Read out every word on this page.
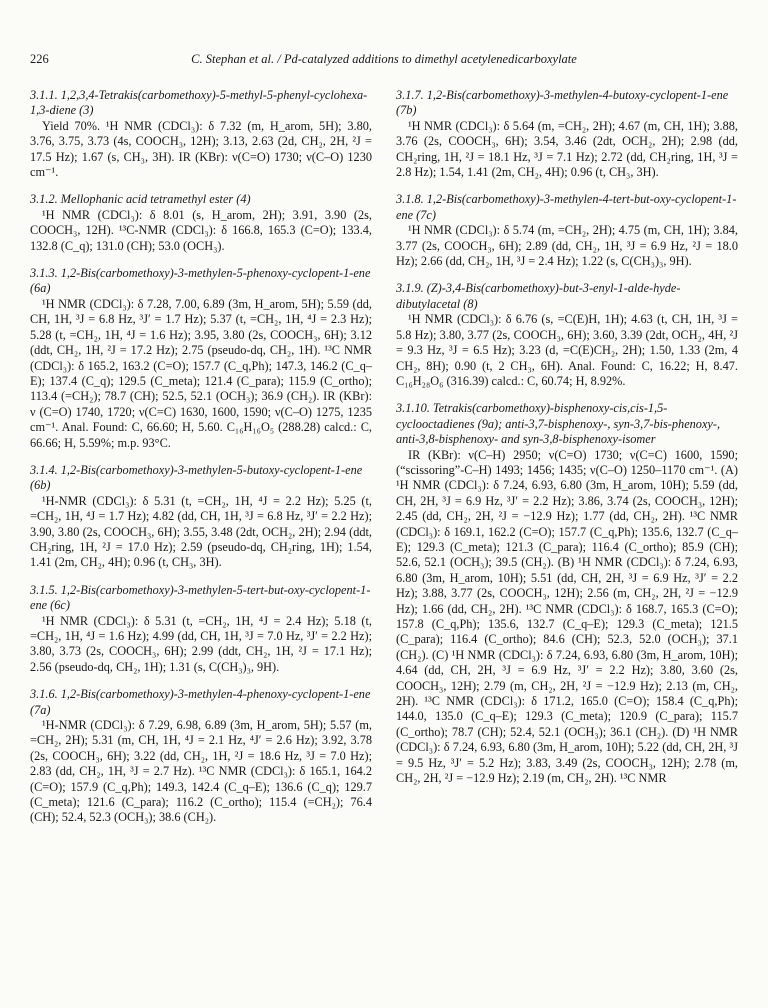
226	C. Stephan et al. / Pd-catalyzed additions to dimethyl acetylenedicarboxylate
3.1.1. 1,2,3,4-Tetrakis(carbomethoxy)-5-methyl-5-phenyl-cyclohexa-1,3-diene (3)

Yield 70%. ¹H NMR (CDCl₃): δ 7.32 (m, H_arom, 5H); 3.80, 3.76, 3.75, 3.73 (4s, COOCH₃, 12H); 3.13, 2.63 (2d, CH₂, 2H, ²J = 17.5 Hz); 1.67 (s, CH₃, 3H). IR (KBr): ν(C=O) 1730; ν(C–O) 1230 cm⁻¹.

3.1.2. Mellophanic acid tetramethyl ester (4)

¹H NMR (CDCl₃): δ 8.01 (s, H_arom, 2H); 3.91, 3.90 (2s, COOCH₃, 12H). ¹³C-NMR (CDCl₃): δ 166.8, 165.3 (C=O); 133.4, 132.8 (C_q); 131.0 (CH); 53.0 (OCH₃).

3.1.3. 1,2-Bis(carbomethoxy)-3-methylen-5-phenoxy-cyclopent-1-ene (6a)

¹H NMR (CDCl₃): δ 7.28, 7.00, 6.89 (3m, H_arom, 5H); 5.59 (dd, CH, 1H, ³J = 6.8 Hz, ³J′ = 1.7 Hz); 5.37 (t, =CH₂, 1H, ⁴J = 2.3 Hz); 5.28 (t, =CH₂, 1H, ⁴J = 1.6 Hz); 3.95, 3.80 (2s, COOCH₃, 6H); 3.12 (ddt, CH₂, 1H, ²J = 17.2 Hz); 2.75 (pseudo-dq, CH₂, 1H). ¹³C NMR (CDCl₃): δ 165.2, 163.2 (C=O); 157.7 (C_q,Ph); 147.3, 146.2 (C_q–E); 137.4 (C_q); 129.5 (C_meta); 121.4 (C_para); 115.9 (C_ortho); 113.4 (=CH₂); 78.7 (CH); 52.5, 52.1 (OCH₃); 36.9 (CH₂). IR (KBr): ν (C=O) 1740, 1720; ν(C=C) 1630, 1600, 1590; ν(C–O) 1275, 1235 cm⁻¹. Anal. Found: C, 66.60; H, 5.60. C₁₆H₁₆O₅ (288.28) calcd.: C, 66.66; H, 5.59%; m.p. 93°C.

3.1.4. 1,2-Bis(carbomethoxy)-3-methylen-5-butoxy-cyclopent-1-ene (6b)

¹H-NMR (CDCl₃): δ 5.31 (t, =CH₂, 1H, ⁴J = 2.2 Hz); 5.25 (t, =CH₂, 1H, ⁴J = 1.7 Hz); 4.82 (dd, CH, 1H, ³J = 6.8 Hz, ³J′ = 2.2 Hz); 3.90, 3.80 (2s, COOCH₃, 6H); 3.55, 3.48 (2dt, OCH₂, 2H); 2.94 (ddt, CH₂ring, 1H, ²J = 17.0 Hz); 2.59 (pseudo-dq, CH₂ring, 1H); 1.54, 1.41 (2m, CH₂, 4H); 0.96 (t, CH₃, 3H).

3.1.5. 1,2-Bis(carbomethoxy)-3-methylen-5-tert-but-oxy-cyclopent-1-ene (6c)

¹H NMR (CDCl₃): δ 5.31 (t, =CH₂, 1H, ⁴J = 2.4 Hz); 5.18 (t, =CH₂, 1H, ⁴J = 1.6 Hz); 4.99 (dd, CH, 1H, ³J = 7.0 Hz, ³J′ = 2.2 Hz); 3.80, 3.73 (2s, COOCH₃, 6H); 2.99 (ddt, CH₂, 1H, ²J = 17.1 Hz); 2.56 (pseudo-dq, CH₂, 1H); 1.31 (s, C(CH₃)₃, 9H).

3.1.6. 1,2-Bis(carbomethoxy)-3-methylen-4-phenoxy-cyclopent-1-ene (7a)

¹H-NMR (CDCl₃): δ 7.29, 6.98, 6.89 (3m, H_arom, 5H); 5.57 (m, =CH₂, 2H); 5.31 (m, CH, 1H, ⁴J = 2.1 Hz, ⁴J′ = 2.6 Hz); 3.92, 3.78 (2s, COOCH₃, 6H); 3.22 (dd, CH₂, 1H, ²J = 18.6 Hz, ³J = 7.0 Hz); 2.83 (dd, CH₂, 1H, ³J = 2.7 Hz). ¹³C NMR (CDCl₃): δ 165.1, 164.2 (C=O); 157.9 (C_q,Ph); 149.3, 142.4 (C_q–E); 136.6 (C_q); 129.7 (C_meta); 121.6 (C_para); 116.2 (C_ortho); 115.4 (=CH₂); 76.4 (CH); 52.4, 52.3 (OCH₃); 38.6 (CH₂).

3.1.7. 1,2-Bis(carbomethoxy)-3-methylen-4-butoxy-cyclopent-1-ene (7b)

¹H NMR (CDCl₃): δ 5.64 (m, =CH₂, 2H); 4.67 (m, CH, 1H); 3.88, 3.76 (2s, COOCH₃, 6H); 3.54, 3.46 (2dt, OCH₂, 2H); 2.98 (dd, CH₂ring, 1H, ²J = 18.1 Hz, ³J = 7.1 Hz); 2.72 (dd, CH₂ring, 1H, ³J = 2.8 Hz); 1.54, 1.41 (2m, CH₂, 4H); 0.96 (t, CH₃, 3H).

3.1.8. 1,2-Bis(carbomethoxy)-3-methylen-4-tert-but-oxy-cyclopent-1-ene (7c)

¹H NMR (CDCl₃): δ 5.74 (m, =CH₂, 2H); 4.75 (m, CH, 1H); 3.84, 3.77 (2s, COOCH₃, 6H); 2.89 (dd, CH₂, 1H, ³J = 6.9 Hz, ²J = 18.0 Hz); 2.66 (dd, CH₂, 1H, ³J = 2.4 Hz); 1.22 (s, C(CH₃)₃, 9H).

3.1.9. (Z)-3,4-Bis(carbomethoxy)-but-3-enyl-1-alde-hyde-dibutylacetal (8)

¹H NMR (CDCl₃): δ 6.76 (s, =C(E)H, 1H); 4.63 (t, CH, 1H, ³J = 5.8 Hz); 3.80, 3.77 (2s, COOCH₃, 6H); 3.60, 3.39 (2dt, OCH₂, 4H, ²J = 9.3 Hz, ³J = 6.5 Hz); 3.23 (d, =C(E)CH₂, 2H); 1.50, 1.33 (2m, 4 CH₂, 8H); 0.90 (t, 2 CH₃, 6H). Anal. Found: C, 16.22; H, 8.47. C₁₆H₂₈O₆ (316.39) calcd.: C, 60.74; H, 8.92%.

3.1.10. Tetrakis(carbomethoxy)-bisphenoxy-cis,cis-1,5-cyclooctadienes (9a); anti-3,7-bisphenoxy-, syn-3,7-bis-phenoxy-, anti-3,8-bisphenoxy- and syn-3,8-bisphenoxy-isomer

IR (KBr): ν(C–H) 2950; ν(C=O) 1730; ν(C=C) 1600, 1590; (“scissoring”-C–H) 1493; 1456; 1435; ν(C–O) 1250–1170 cm⁻¹. (A) ¹H NMR (CDCl₃): δ 7.24, 6.93, 6.80 (3m, H_arom, 10H); 5.59 (dd, CH, 2H, ³J = 6.9 Hz, ³J′ = 2.2 Hz); 3.86, 3.74 (2s, COOCH₃, 12H); 2.45 (dd, CH₂, 2H, ²J = −12.9 Hz); 1.77 (dd, CH₂, 2H). ¹³C NMR (CDCl₃): δ 169.1, 162.2 (C=O); 157.7 (C_q,Ph); 135.6, 132.7 (C_q–E); 129.3 (C_meta); 121.3 (C_para); 116.4 (C_ortho); 85.9 (CH); 52.6, 52.1 (OCH₃); 39.5 (CH₂). (B) ¹H NMR (CDCl₃): δ 7.24, 6.93, 6.80 (3m, H_arom, 10H); 5.51 (dd, CH, 2H, ³J = 6.9 Hz, ³J′ = 2.2 Hz); 3.88, 3.77 (2s, COOCH₃, 12H); 2.56 (m, CH₂, 2H, ²J = −12.9 Hz); 1.66 (dd, CH₂, 2H). ¹³C NMR (CDCl₃): δ 168.7, 165.3 (C=O); 157.8 (C_q,Ph); 135.6, 132.7 (C_q–E); 129.3 (C_meta); 121.5 (C_para); 116.4 (C_ortho); 84.6 (CH); 52.3, 52.0 (OCH₃); 37.1 (CH₂). (C) ¹H NMR (CDCl₃): δ 7.24, 6.93, 6.80 (3m, H_arom, 10H); 4.64 (dd, CH, 2H, ³J = 6.9 Hz, ³J′ = 2.2 Hz); 3.80, 3.60 (2s, COOCH₃, 12H); 2.79 (m, CH₂, 2H, ²J = −12.9 Hz); 2.13 (m, CH₂, 2H). ¹³C NMR (CDCl₃): δ 171.2, 165.0 (C=O); 158.4 (C_q,Ph); 144.0, 135.0 (C_q–E); 129.3 (C_meta); 120.9 (C_para); 115.7 (C_ortho); 78.7 (CH); 52.4, 52.1 (OCH₃); 36.1 (CH₂). (D) ¹H NMR (CDCl₃): δ 7.24, 6.93, 6.80 (3m, H_arom, 10H); 5.22 (dd, CH, 2H, ³J = 9.5 Hz, ³J′ = 5.2 Hz); 3.83, 3.49 (2s, COOCH₃, 12H); 2.78 (m, CH₂, 2H, ²J = −12.9 Hz); 2.19 (m, CH₂, 2H). ¹³C NMR
